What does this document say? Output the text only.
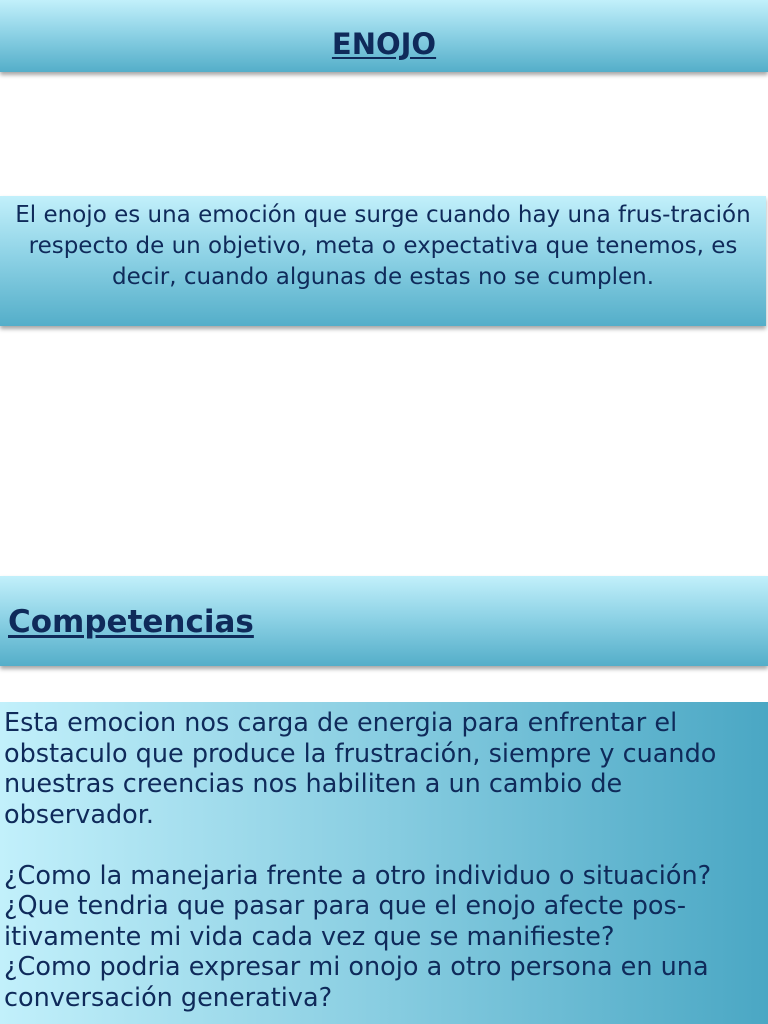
ENOJO

El enojo es una emoción que surge cuando hay una frus-tración respecto de un objetivo, meta o expectativa que tenemos, es decir, cuando algunas de estas no se cumplen.

Competencias

Esta emocion nos carga de energia para enfrentar el obstaculo que produce la frustración, siempre y cuando nuestras creencias nos habiliten a un cambio de observador.

¿Como la manejaria frente a otro individuo o situación?

¿Que tendria que pasar para que el enojo afecte pos-itivamente mi vida cada vez que se manifieste?

¿Como podria expresar mi onojo a otro persona en una conversación generativa?
